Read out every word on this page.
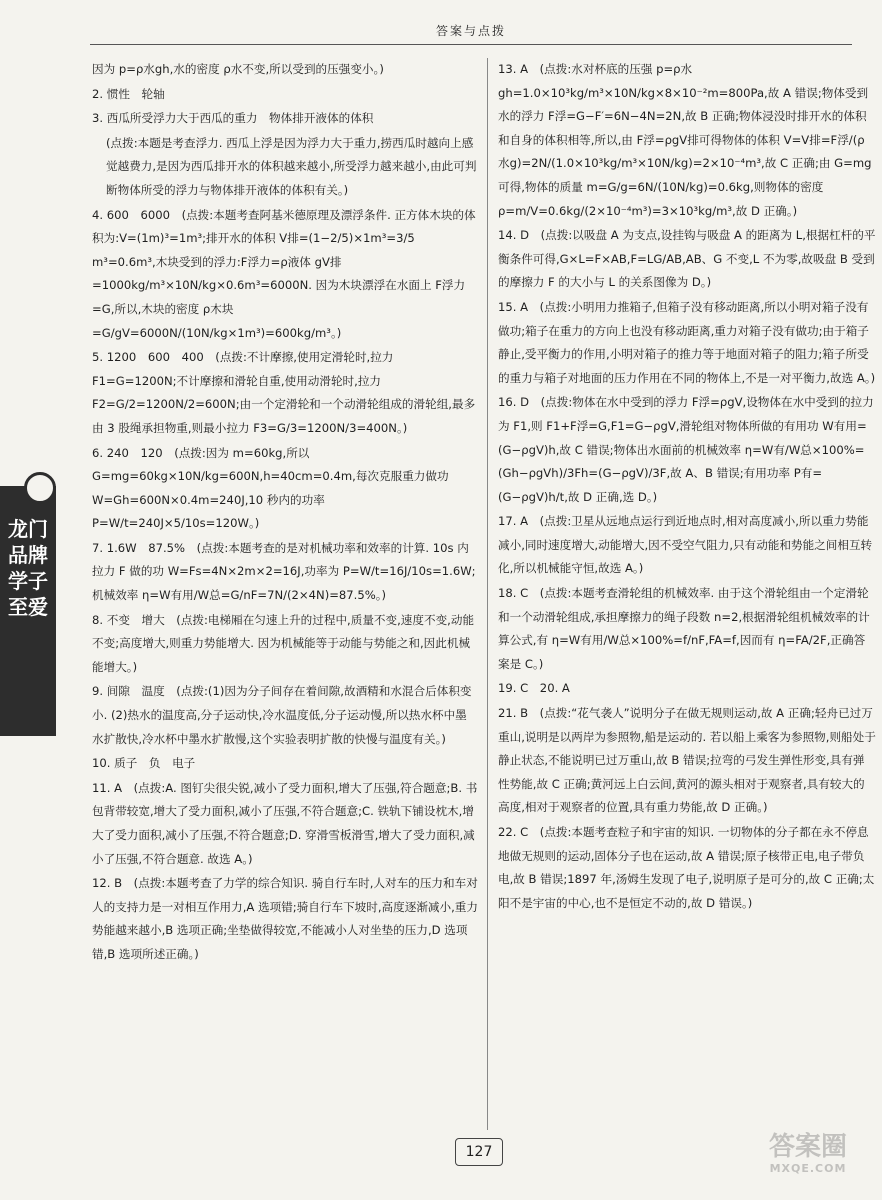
答案与点拨
龙门品牌 学子至爱

因为 p=ρ水gh,水的密度 ρ水不变,所以受到的压强变小。)

2. 惯性　轮轴

3. 西瓜所受浮力大于西瓜的重力　物体排开液体的体积

(点拨:本题是考查浮力. 西瓜上浮是因为浮力大于重力,捞西瓜时越向上感觉越费力,是因为西瓜排开水的体积越来越小,所受浮力越来越小,由此可判断物体所受的浮力与物体排开液体的体积有关。)

4. 600　6000　(点拨:本题考查阿基米德原理及漂浮条件. 正方体木块的体积为:V=(1m)³=1m³;排开水的体积 V排=(1−2/5)×1m³=3/5 m³=0.6m³,木块受到的浮力:F浮力=ρ液体 gV排=1000kg/m³×10N/kg×0.6m³=6000N. 因为木块漂浮在水面上 F浮力=G,所以,木块的密度 ρ木块=G/gV=6000N/(10N/kg×1m³)=600kg/m³。)

5. 1200　600　400　(点拨:不计摩擦,使用定滑轮时,拉力 F1=G=1200N;不计摩擦和滑轮自重,使用动滑轮时,拉力 F2=G/2=1200N/2=600N;由一个定滑轮和一个动滑轮组成的滑轮组,最多由 3 股绳承担物重,则最小拉力 F3=G/3=1200N/3=400N。)

6. 240　120　(点拨:因为 m=60kg,所以 G=mg=60kg×10N/kg=600N,h=40cm=0.4m,每次克服重力做功 W=Gh=600N×0.4m=240J,10 秒内的功率 P=W/t=240J×5/10s=120W。)

7. 1.6W　87.5%　(点拨:本题考查的是对机械功率和效率的计算. 10s 内拉力 F 做的功 W=Fs=4N×2m×2=16J,功率为 P=W/t=16J/10s=1.6W;机械效率 η=W有用/W总=G/nF=7N/(2×4N)=87.5%。)

8. 不变　增大　(点拨:电梯厢在匀速上升的过程中,质量不变,速度不变,动能不变;高度增大,则重力势能增大. 因为机械能等于动能与势能之和,因此机械能增大。)

9. 间隙　温度　(点拨:(1)因为分子间存在着间隙,故酒精和水混合后体积变小. (2)热水的温度高,分子运动快,冷水温度低,分子运动慢,所以热水杯中墨水扩散快,冷水杯中墨水扩散慢,这个实验表明扩散的快慢与温度有关。)

10. 质子　负　电子

11. A　(点拨:A. 图钉尖很尖锐,减小了受力面积,增大了压强,符合题意;B. 书包背带较宽,增大了受力面积,减小了压强,不符合题意;C. 铁轨下铺设枕木,增大了受力面积,减小了压强,不符合题意;D. 穿滑雪板滑雪,增大了受力面积,减小了压强,不符合题意. 故选 A。)

12. B　(点拨:本题考查了力学的综合知识. 骑自行车时,人对车的压力和车对人的支持力是一对相互作用力,A 选项错;骑自行车下坡时,高度逐渐减小,重力势能越来越小,B 选项正确;坐垫做得较宽,不能减小人对坐垫的压力,D 选项错,B 选项所述正确。)

13. A　(点拨:水对杯底的压强 p=ρ水gh=1.0×10³kg/m³×10N/kg×8×10⁻²m=800Pa,故 A 错误;物体受到水的浮力 F浮=G−F′=6N−4N=2N,故 B 正确;物体浸没时排开水的体积和自身的体积相等,所以,由 F浮=ρgV排可得物体的体积 V=V排=F浮/(ρ水g)=2N/(1.0×10³kg/m³×10N/kg)=2×10⁻⁴m³,故 C 正确;由 G=mg 可得,物体的质量 m=G/g=6N/(10N/kg)=0.6kg,则物体的密度 ρ=m/V=0.6kg/(2×10⁻⁴m³)=3×10³kg/m³,故 D 正确。)

14. D　(点拨:以吸盘 A 为支点,设挂钩与吸盘 A 的距离为 L,根据杠杆的平衡条件可得,G×L=F×AB,F=LG/AB,AB、G 不变,L 不为零,故吸盘 B 受到的摩擦力 F 的大小与 L 的关系图像为 D。)

15. A　(点拨:小明用力推箱子,但箱子没有移动距离,所以小明对箱子没有做功;箱子在重力的方向上也没有移动距离,重力对箱子没有做功;由于箱子静止,受平衡力的作用,小明对箱子的推力等于地面对箱子的阻力;箱子所受的重力与箱子对地面的压力作用在不同的物体上,不是一对平衡力,故选 A。)

16. D　(点拨:物体在水中受到的浮力 F浮=ρgV,设物体在水中受到的拉力为 F1,则 F1+F浮=G,F1=G−ρgV,滑轮组对物体所做的有用功 W有用=(G−ρgV)h,故 C 错误;物体出水面前的机械效率 η=W有/W总×100%=(Gh−ρgVh)/3Fh=(G−ρgV)/3F,故 A、B 错误;有用功率 P有=(G−ρgV)h/t,故 D 正确,选 D。)

17. A　(点拨:卫星从远地点运行到近地点时,相对高度减小,所以重力势能减小,同时速度增大,动能增大,因不受空气阻力,只有动能和势能之间相互转化,所以机械能守恒,故选 A。)

18. C　(点拨:本题考查滑轮组的机械效率. 由于这个滑轮组由一个定滑轮和一个动滑轮组成,承担摩擦力的绳子段数 n=2,根据滑轮组机械效率的计算公式,有 η=W有用/W总×100%=f/nF,FA=f,因而有 η=FA/2F,正确答案是 C。)

19. C　20. A

21. B　(点拨:“花气袭人”说明分子在做无规则运动,故 A 正确;轻舟已过万重山,说明是以两岸为参照物,船是运动的. 若以船上乘客为参照物,则船处于静止状态,不能说明已过万重山,故 B 错误;拉弯的弓发生弹性形变,具有弹性势能,故 C 正确;黄河远上白云间,黄河的源头相对于观察者,具有较大的高度,相对于观察者的位置,具有重力势能,故 D 正确。)

22. C　(点拨:本题考查粒子和宇宙的知识. 一切物体的分子都在永不停息地做无规则的运动,固体分子也在运动,故 A 错误;原子核带正电,电子带负电,故 B 错误;1897 年,汤姆生发现了电子,说明原子是可分的,故 C 正确;太阳不是宇宙的中心,也不是恒定不动的,故 D 错误。)

127	答案圈
MXQE.COM
